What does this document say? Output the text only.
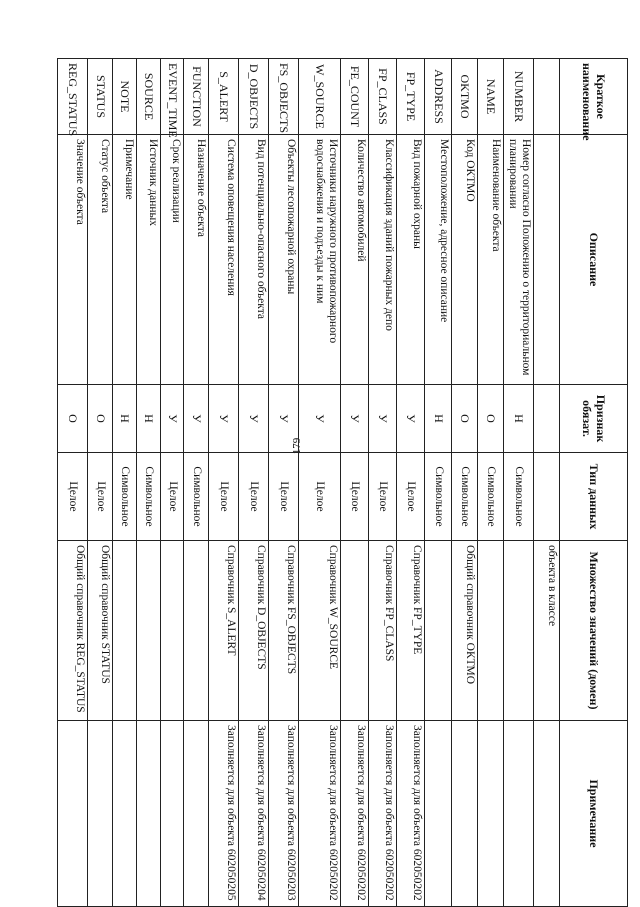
179
Краткое наименование	Описание	Признак обязат.	Тип данных	Множество значений (домен)	Примечание
				объекта в классе	
NUMBER	Номер согласно Положению о территориальном планировании	Н	Символьное		
NAME	Наименование объекта	О	Символьное		
OKTMO	Код ОКТМО	О	Символьное	Общий справочник ОКТМО	
ADDRESS	Местоположение, адресное описание	Н	Символьное		
FP_TYPE	Вид пожарной охраны	У	Целое	Справочник FP_TYPE	Заполняется для объекта 602050202
FP_CLASS	Классификация зданий пожарных депо	У	Целое	Справочник FP_CLASS	Заполняется для объекта 602050202
FE_COUNT	Количество автомобилей	У	Целое		Заполняется для объекта 602050202
W_SOURCE	Источники наружного противопожарного водоснабжения и подъезды к ним	У	Целое	Справочник W_SOURCE	Заполняется для объекта 602050202
FS_OBJECTS	Объекты лесопожарной охраны	У	Целое	Справочник FS_OBJECTS	Заполняется для объекта 602050203
D_OBJECTS	Вид потенциально-опасного объекта	У	Целое	Справочник D_OBJECTS	Заполняется для объекта 602050204
S_ALERT	Система оповещения населения	У	Целое	Справочник S_ALERT	Заполняется для объекта 602050205
FUNCTION	Назначение объекта	У	Символьное		
EVENT_TIME	Срок реализации	У	Целое		
SOURCE	Источник данных	Н	Символьное		
NOTE	Примечание	Н	Символьное		
STATUS	Статус объекта	О	Целое	Общий справочник STATUS	
REG_STATUS	Значение объекта	О	Целое	Общий справочник REG_STATUS	
